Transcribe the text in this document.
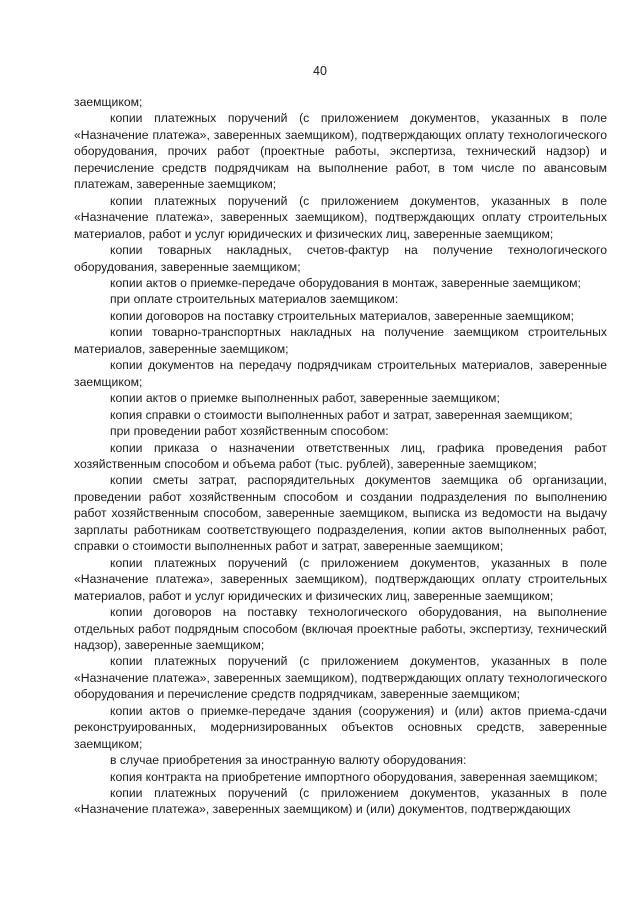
40

заемщиком;

копии платежных поручений (с приложением документов, указанных в поле «Назначение платежа», заверенных заемщиком), подтверждающих оплату технологического оборудования, прочих работ (проектные работы, экспертиза, технический надзор) и перечисление средств подрядчикам на выполнение работ, в том числе по авансовым платежам, заверенные заемщиком;

копии платежных поручений (с приложением документов, указанных в поле «Назначение платежа», заверенных заемщиком), подтверждающих оплату строительных материалов, работ и услуг юридических и физических лиц, заверенные заемщиком;

копии товарных накладных, счетов-фактур на получение технологического оборудования, заверенные заемщиком;

копии актов о приемке-передаче оборудования в монтаж, заверенные заемщиком;

при оплате строительных материалов заемщиком:

копии договоров на поставку строительных материалов, заверенные заемщиком;

копии товарно-транспортных накладных на получение заемщиком строительных материалов, заверенные заемщиком;

копии документов на передачу подрядчикам строительных материалов, заверенные заемщиком;

копии актов о приемке выполненных работ, заверенные заемщиком;

копия справки о стоимости выполненных работ и затрат, заверенная заемщиком;

при проведении работ хозяйственным способом:

копии приказа о назначении ответственных лиц, графика проведения работ хозяйственным способом и объема работ (тыс. рублей), заверенные заемщиком;

копии сметы затрат, распорядительных документов заемщика об организации, проведении работ хозяйственным способом и создании подразделения по выполнению работ хозяйственным способом, заверенные заемщиком, выписка из ведомости на выдачу зарплаты работникам соответствующего подразделения, копии актов выполненных работ, справки о стоимости выполненных работ и затрат, заверенные заемщиком;

копии платежных поручений (с приложением документов, указанных в поле «Назначение платежа», заверенных заемщиком), подтверждающих оплату строительных материалов, работ и услуг юридических и физических лиц, заверенные заемщиком;

копии договоров на поставку технологического оборудования, на выполнение отдельных работ подрядным способом (включая проектные работы, экспертизу, технический надзор), заверенные заемщиком;

копии платежных поручений (с приложением документов, указанных в поле «Назначение платежа», заверенных заемщиком), подтверждающих оплату технологического оборудования и перечисление средств подрядчикам, заверенные заемщиком;

копии актов о приемке-передаче здания (сооружения) и (или) актов приема-сдачи реконструированных, модернизированных объектов основных средств, заверенные заемщиком;

в случае приобретения за иностранную валюту оборудования:

копия контракта на приобретение импортного оборудования, заверенная заемщиком;

копии платежных поручений (с приложением документов, указанных в поле «Назначение платежа», заверенных заемщиком) и (или) документов, подтверждающих
